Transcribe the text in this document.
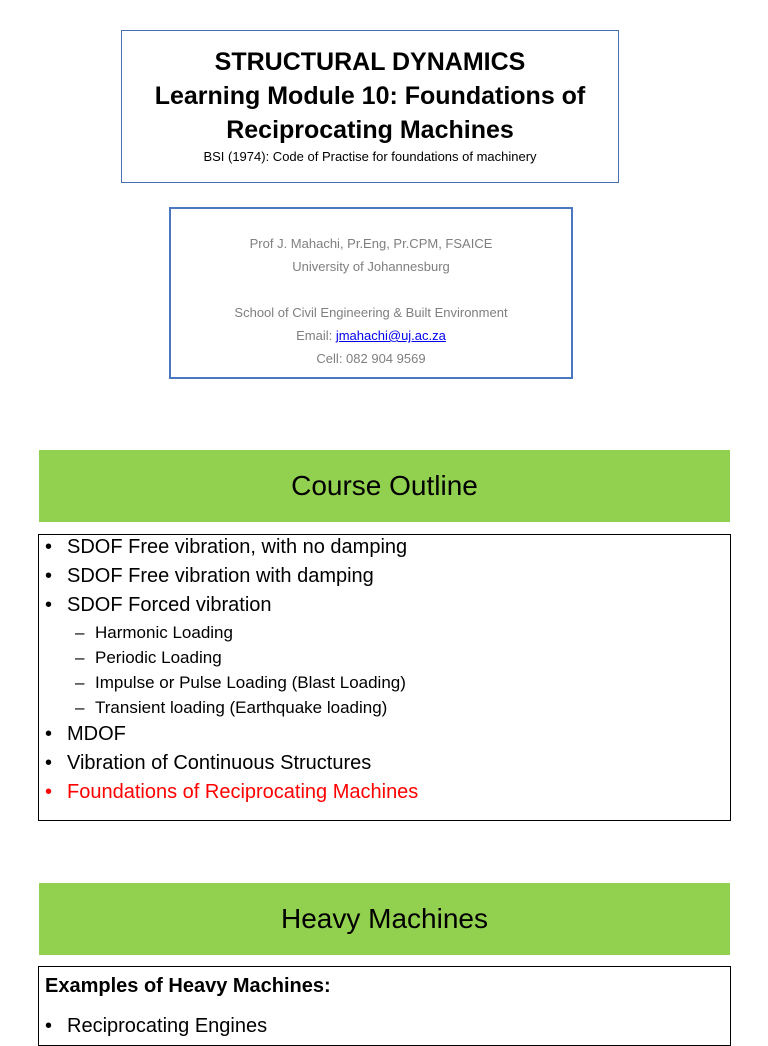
STRUCTURAL DYNAMICS
Learning Module 10: Foundations of
Reciprocating Machines
BSI (1974): Code of Practise for foundations of machinery
Prof J. Mahachi, Pr.Eng, Pr.CPM, FSAICE
University of Johannesburg
School of Civil Engineering & Built Environment
Email: jmahachi@uj.ac.za
Cell: 082 904 9569
Course Outline
• SDOF Free vibration, with no damping
• SDOF Free vibration with damping
• SDOF Forced vibration
– Harmonic Loading
– Periodic Loading
– Impulse or Pulse Loading (Blast Loading)
– Transient loading (Earthquake loading)
• MDOF
• Vibration of Continuous Structures
• Foundations of Reciprocating Machines
Heavy Machines
Examples of Heavy Machines:
• Reciprocating Engines
